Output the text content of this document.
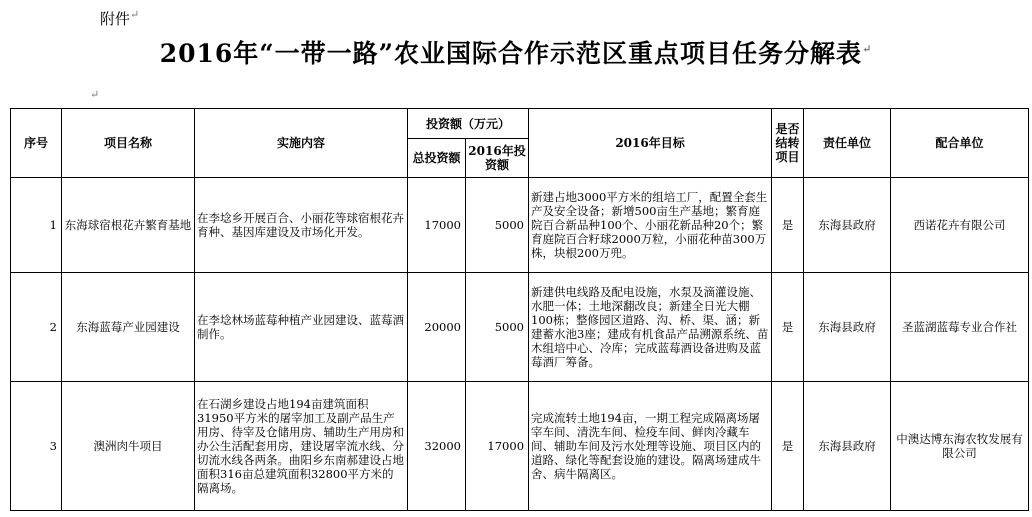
附件↵
2016年“一带一路”农业国际合作示范区重点项目任务分解表↵
↵
序号	项目名称	实施内容	投资额（万元）		2016年目标	是否结转项目	责任单位	配合单位
			总投资额	2016年投资额				
1	东海球宿根花卉繁育基地	在李埝乡开展百合、小丽花等球宿根花卉育种、基因库建设及市场化开发。	17000	5000	新建占地3000平方米的组培工厂，配置全套生产及安全设备；新增500亩生产基地；繁育庭院百合新品种100个、小丽花新品种20个；繁育庭院百合籽球2000万粒，小丽花种苗300万株，块根200万兜。	是	东海县政府	西诺花卉有限公司
2	东海蓝莓产业园建设	在李埝林场蓝莓种植产业园建设、蓝莓酒制作。	20000	5000	新建供电线路及配电设施，水泵及滴灌设施、水肥一体；土地深翻改良；新建全日光大棚100栋；整修园区道路、沟、桥、渠、涵；新建蓄水池3座；建成有机食品产品溯源系统、苗木组培中心、冷库；完成蓝莓酒设备进购及蓝莓酒厂筹备。	是	东海县政府	圣蓝湖蓝莓专业合作社
3	澳洲肉牛项目	在石湖乡建设占地194亩建筑面积31950平方米的屠宰加工及副产品生产用房、待宰及仓储用房、辅助生产用房和办公生活配套用房，建设屠宰流水线、分切流水线各两条。曲阳乡东南郝建设占地面积316亩总建筑面积32800平方米的隔离场。	32000	17000	完成流转土地194亩，一期工程完成隔离场屠宰车间、清洗车间、检疫车间、鲜肉冷藏车间、辅助车间及污水处理等设施、项目区内的道路、绿化等配套设施的建设。隔离场建成牛舍、病牛隔离区。	是	东海县政府	中澳达博东海农牧发展有限公司
